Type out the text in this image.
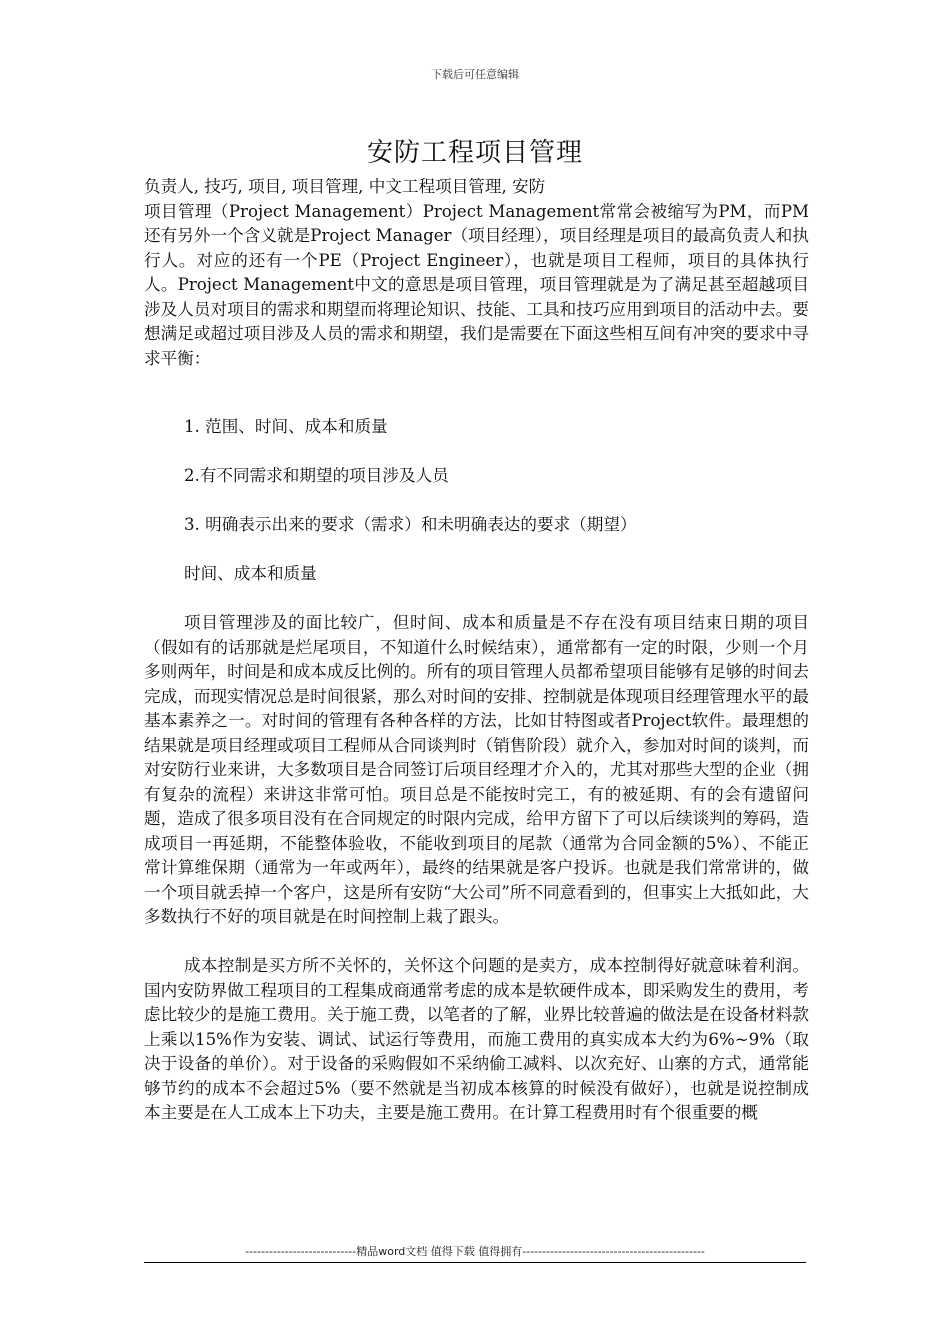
下载后可任意编辑
安防工程项目管理

负责人, 技巧, 项目, 项目管理, 中文工程项目管理, 安防

项目管理（Project Management）Project Management常常会被缩写为PM，而PM还有另外一个含义就是Project Manager（项目经理），项目经理是项目的最高负责人和执行人。对应的还有一个PE（Project Engineer），也就是项目工程师，项目的具体执行人。Project Management中文的意思是项目管理，项目管理就是为了满足甚至超越项目涉及人员对项目的需求和期望而将理论知识、技能、工具和技巧应用到项目的活动中去。要想满足或超过项目涉及人员的需求和期望，我们是需要在下面这些相互间有冲突的要求中寻求平衡：

1. 范围、时间、成本和质量

2.有不同需求和期望的项目涉及人员

3. 明确表示出来的要求（需求）和未明确表达的要求（期望）

时间、成本和质量

项目管理涉及的面比较广，但时间、成本和质量是不存在没有项目结束日期的项目（假如有的话那就是烂尾项目，不知道什么时候结束），通常都有一定的时限，少则一个月多则两年，时间是和成本成反比例的。所有的项目管理人员都希望项目能够有足够的时间去完成，而现实情况总是时间很紧，那么对时间的安排、控制就是体现项目经理管理水平的最基本素养之一。对时间的管理有各种各样的方法，比如甘特图或者Project软件。最理想的结果就是项目经理或项目工程师从合同谈判时（销售阶段）就介入，参加对时间的谈判，而对安防行业来讲，大多数项目是合同签订后项目经理才介入的，尤其对那些大型的企业（拥有复杂的流程）来讲这非常可怕。项目总是不能按时完工，有的被延期、有的会有遗留问题，造成了很多项目没有在合同规定的时限内完成，给甲方留下了可以后续谈判的筹码，造成项目一再延期，不能整体验收，不能收到项目的尾款（通常为合同金额的5%）、不能正常计算维保期（通常为一年或两年），最终的结果就是客户投诉。也就是我们常常讲的，做一个项目就丢掉一个客户，这是所有安防“大公司”所不同意看到的，但事实上大抵如此，大多数执行不好的项目就是在时间控制上栽了跟头。

成本控制是买方所不关怀的，关怀这个问题的是卖方，成本控制得好就意味着利润。国内安防界做工程项目的工程集成商通常考虑的成本是软硬件成本，即采购发生的费用，考虑比较少的是施工费用。关于施工费，以笔者的了解，业界比较普遍的做法是在设备材料款上乘以15%作为安装、调试、试运行等费用，而施工费用的真实成本大约为6%~9%（取决于设备的单价）。对于设备的采购假如不采纳偷工减料、以次充好、山寨的方式，通常能够节约的成本不会超过5%（要不然就是当初成本核算的时候没有做好），也就是说控制成本主要是在人工成本上下功夫，主要是施工费用。在计算工程费用时有个很重要的概

----------------------------精品word文档 值得下载 值得拥有----------------------------------------------
